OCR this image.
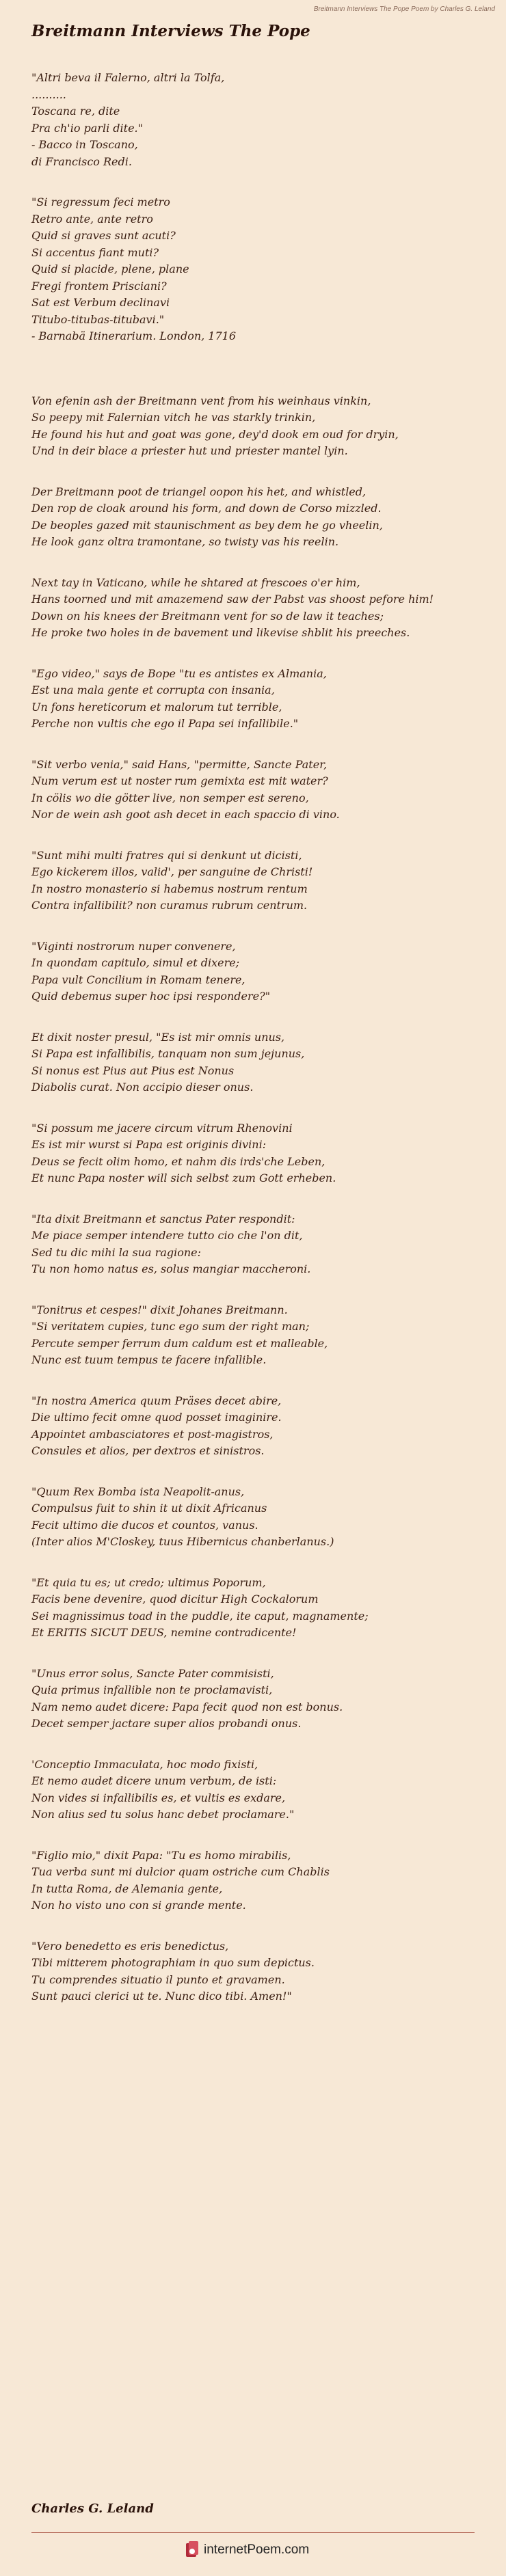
Breitmann Interviews The Pope Poem by Charles G. Leland
Breitmann Interviews The Pope
"Altri beva il Falerno, altri la Tolfa,
..........
Toscana re, dite
Pra ch'io parli dite."
- Bacco in Toscano,
di Francisco Redi.
"Si regressum feci metro
Retro ante, ante retro
Quid si graves sunt acuti?
Si accentus fiant muti?
Quid si placide, plene, plane
Fregi frontem Prisciani?
Sat est Verbum declinavi
Titubo-titubas-titubavi."
- Barnabä Itinerarium. London, 1716
Von efenin ash der Breitmann vent from his weinhaus vinkin,
So peepy mit Falernian vitch he vas starkly trinkin,
He found his hut and goat was gone, dey'd dook em oud for dryin,
Und in deir blace a priester hut und priester mantel lyin.
Der Breitmann poot de triangel oopon his het, and whistled,
Den rop de cloak around his form, and down de Corso mizzled.
De beoples gazed mit staunischment as bey dem he go vheelin,
He look ganz oltra tramontane, so twisty vas his reelin.
Next tay in Vaticano, while he shtared at frescoes o'er him,
Hans toorned und mit amazemend saw der Pabst vas shoost pefore him!
Down on his knees der Breitmann vent for so de law it teaches;
He proke two holes in de bavement und likevise shblit his preeches.
"Ego video," says de Bope "tu es antistes ex Almania,
Est una mala gente et corrupta con insania,
Un fons hereticorum et malorum tut terrible,
Perche non vultis che ego il Papa sei infallibile."
"Sit verbo venia," said Hans, "permitte, Sancte Pater,
Num verum est ut noster rum gemixta est mit water?
In cölis wo die götter live, non semper est sereno,
Nor de wein ash goot ash decet in each spaccio di vino.
"Sunt mihi multi fratres qui si denkunt ut dicisti,
Ego kickerem illos, valid', per sanguine de Christi!
In nostro monasterio si habemus nostrum rentum
Contra infallibilit? non curamus rubrum centrum.
"Viginti nostrorum nuper convenere,
In quondam capitulo, simul et dixere;
Papa vult Concilium in Romam tenere,
Quid debemus super hoc ipsi respondere?"
Et dixit noster presul, "Es ist mir omnis unus,
Si Papa est infallibilis, tanquam non sum jejunus,
Si nonus est Pius aut Pius est Nonus
Diabolis curat. Non accipio dieser onus.
"Si possum me jacere circum vitrum Rhenovini
Es ist mir wurst si Papa est originis divini:
Deus se fecit olim homo, et nahm dis irds'che Leben,
Et nunc Papa noster will sich selbst zum Gott erheben.
"Ita dixit Breitmann et sanctus Pater respondit:
Me piace semper intendere tutto cio che l'on dit,
Sed tu dic mihi la sua ragione:
Tu non homo natus es, solus mangiar maccheroni.
"Tonitrus et cespes!" dixit Johanes Breitmann.
"Si veritatem cupies, tunc ego sum der right man;
Percute semper ferrum dum caldum est et malleable,
Nunc est tuum tempus te facere infallible.
"In nostra America quum Präses decet abire,
Die ultimo fecit omne quod posset imaginire.
Appointet ambasciatores et post-magistros,
Consules et alios, per dextros et sinistros.
"Quum Rex Bomba ista Neapolit-anus,
Compulsus fuit to shin it ut dixit Africanus
Fecit ultimo die ducos et countos, vanus.
(Inter alios M'Closkey, tuus Hibernicus chanberlanus.)
"Et quia tu es; ut credo; ultimus Poporum,
Facis bene devenire, quod dicitur High Cockalorum
Sei magnissimus toad in the puddle, ite caput, magnamente;
Et ERITIS SICUT DEUS, nemine contradicente!
"Unus error solus, Sancte Pater commisisti,
Quia primus infallible non te proclamavisti,
Nam nemo audet dicere: Papa fecit quod non est bonus.
Decet semper jactare super alios probandi onus.
'Conceptio Immaculata, hoc modo fixisti,
Et nemo audet dicere unum verbum, de isti:
Non vides si infallibilis es, et vultis es exdare,
Non alius sed tu solus hanc debet proclamare."
"Figlio mio," dixit Papa: "Tu es homo mirabilis,
Tua verba sunt mi dulcior quam ostriche cum Chablis
In tutta Roma, de Alemania gente,
Non ho visto uno con si grande mente.
"Vero benedetto es eris benedictus,
Tibi mitterem photographiam in quo sum depictus.
Tu comprendes situatio il punto et gravamen.
Sunt pauci clerici ut te. Nunc dico tibi. Amen!"
Charles G. Leland
internetPoem.com
